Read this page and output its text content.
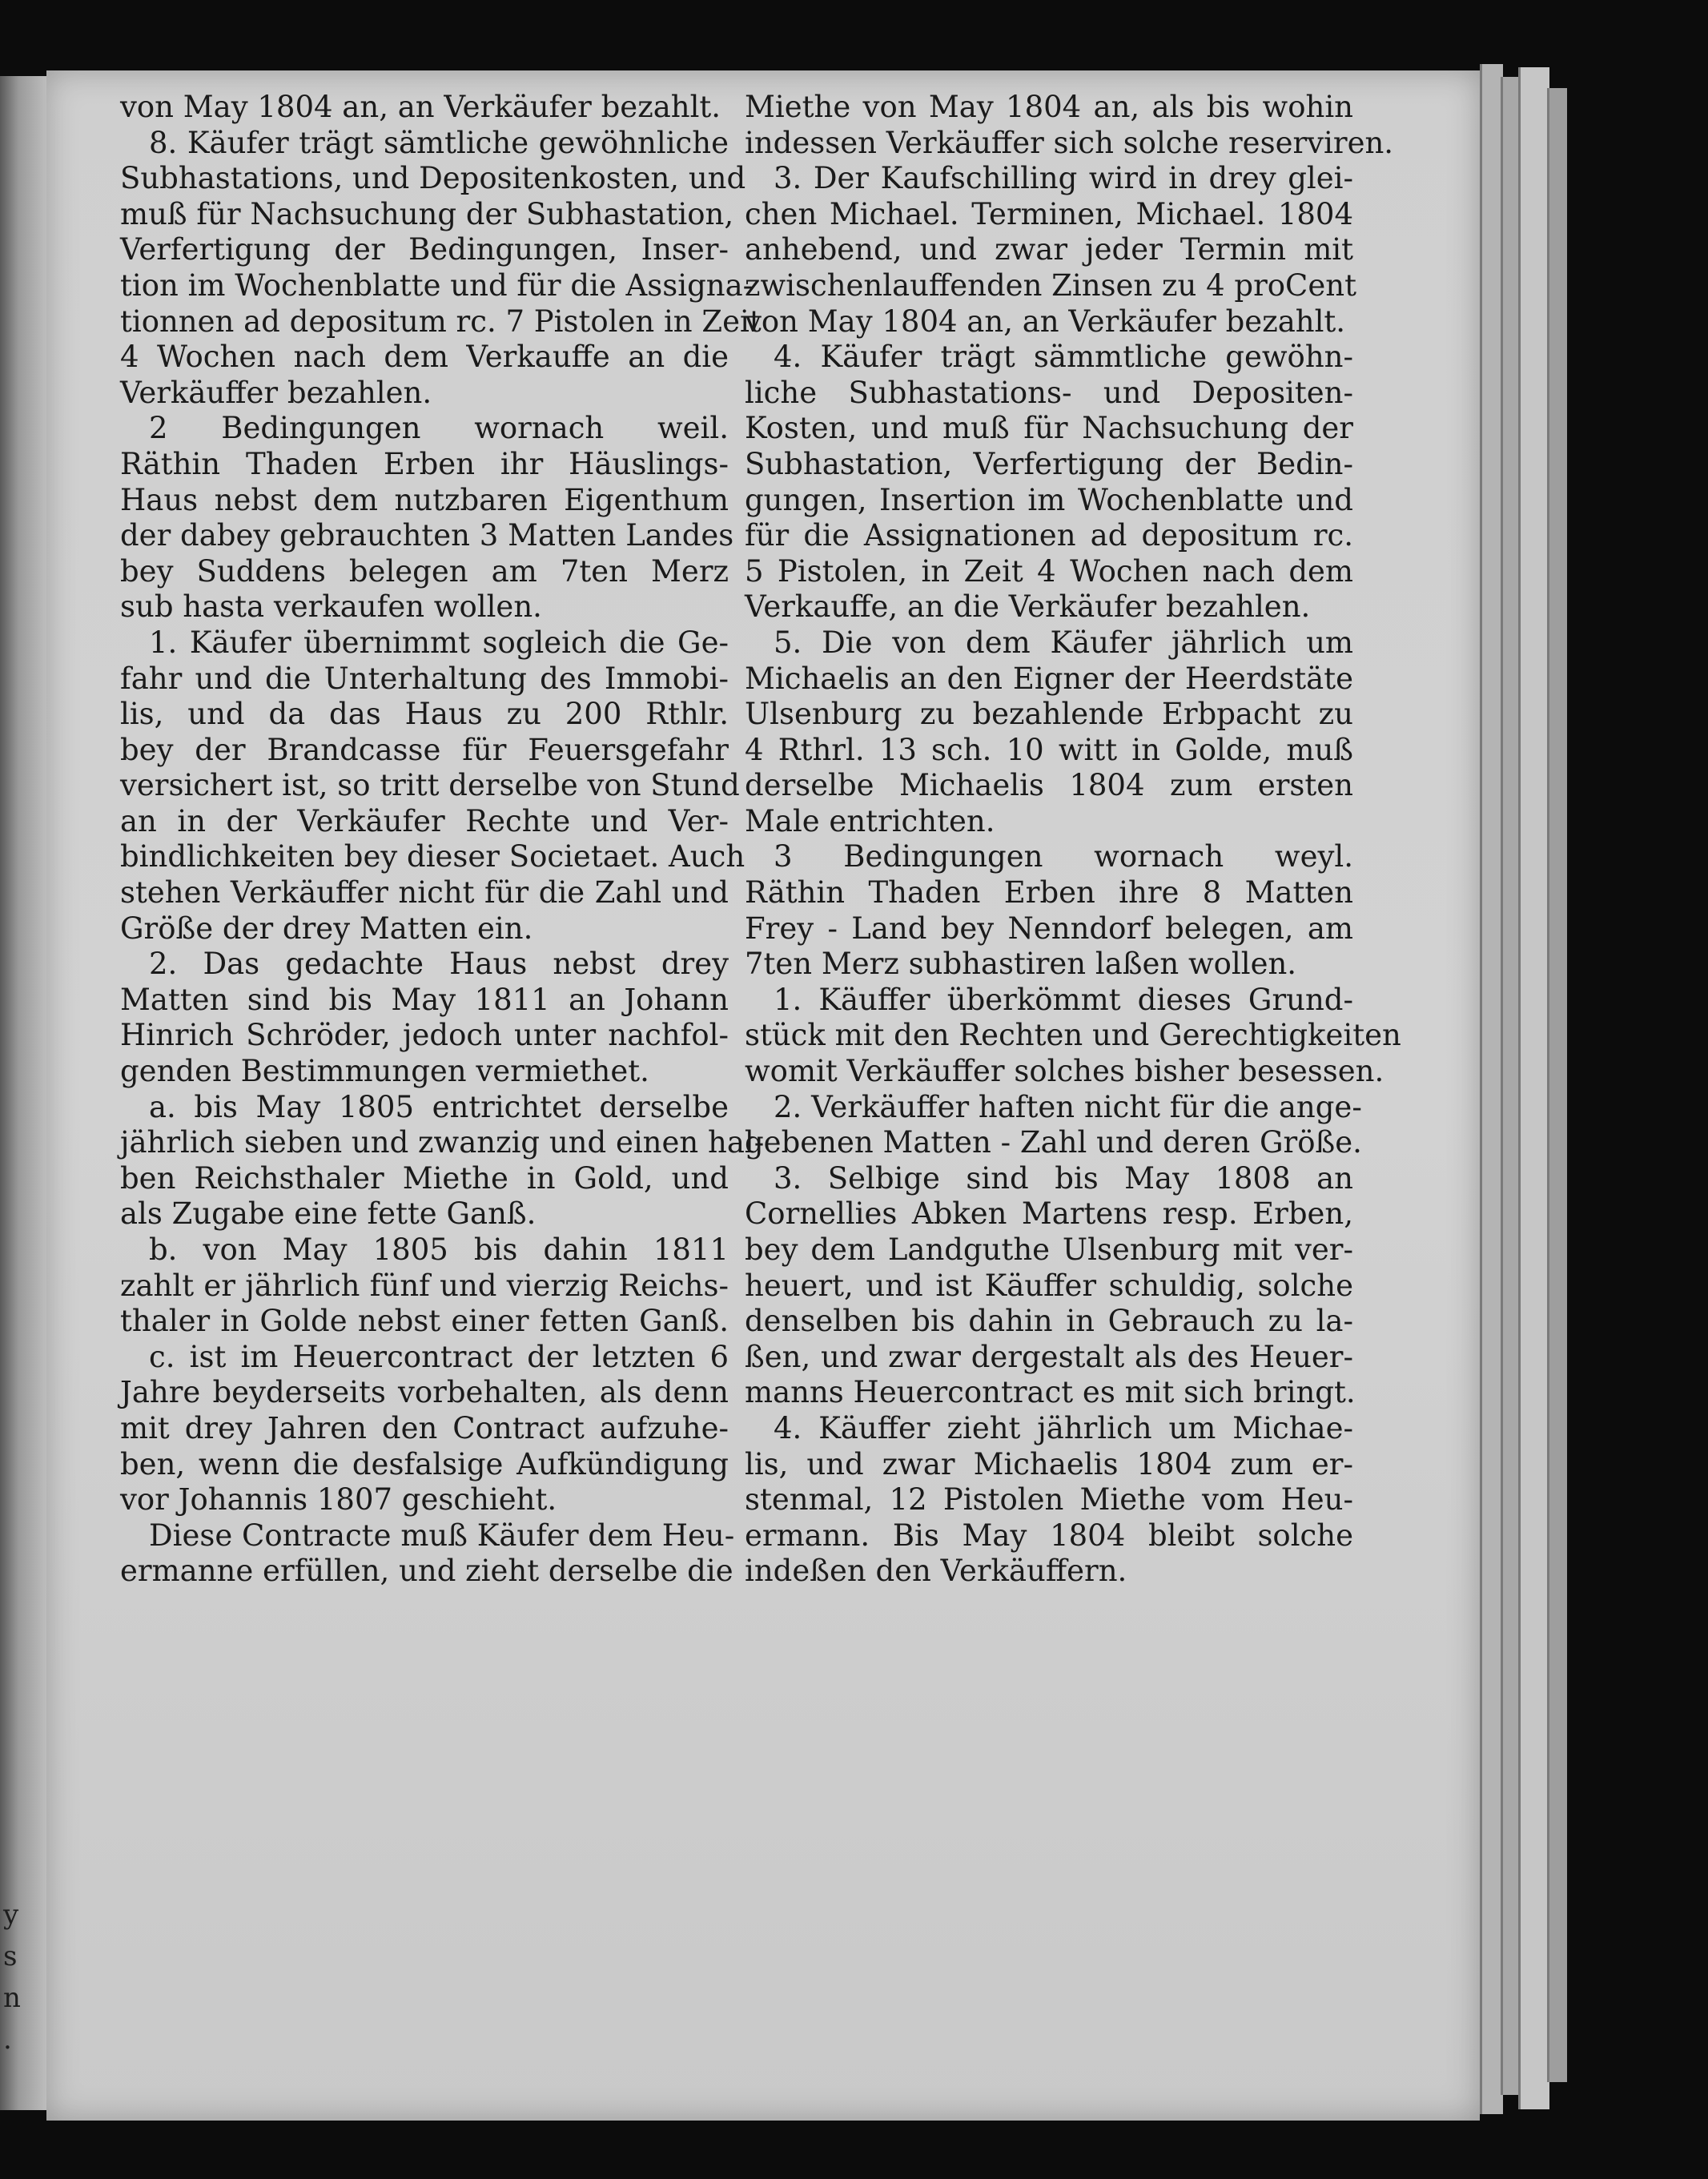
y
s
n
.
von May 1804 an, an Verkäufer bezahlt.
8. Käufer trägt sämtliche gewöhnliche
Subhastations, und Depositenkosten, und
muß für Nachsuchung der Subhastation,
Verfertigung der Bedingungen, Inser-
tion im Wochenblatte und für die Assigna-
tionnen ad depositum rc. 7 Pistolen in Zeit
4 Wochen nach dem Verkauffe an die
Verkäuffer bezahlen.
2 Bedingungen wornach weil.
Räthin Thaden Erben ihr Häuslings-
Haus nebst dem nutzbaren Eigenthum
der dabey gebrauchten 3 Matten Landes
bey Suddens belegen am 7ten Merz
sub hasta verkaufen wollen.
1. Käufer übernimmt sogleich die Ge-
fahr und die Unterhaltung des Immobi-
lis, und da das Haus zu 200 Rthlr.
bey der Brandcasse für Feuersgefahr
versichert ist, so tritt derselbe von Stund
an in der Verkäufer Rechte und Ver-
bindlichkeiten bey dieser Societaet. Auch
stehen Verkäuffer nicht für die Zahl und
Größe der drey Matten ein.
2. Das gedachte Haus nebst drey
Matten sind bis May 1811 an Johann
Hinrich Schröder, jedoch unter nachfol-
genden Bestimmungen vermiethet.
a. bis May 1805 entrichtet derselbe
jährlich sieben und zwanzig und einen hal-
ben Reichsthaler Miethe in Gold, und
als Zugabe eine fette Ganß.
b. von May 1805 bis dahin 1811
zahlt er jährlich fünf und vierzig Reichs-
thaler in Golde nebst einer fetten Ganß.
c. ist im Heuercontract der letzten 6
Jahre beyderseits vorbehalten, als denn
mit drey Jahren den Contract aufzuhe-
ben, wenn die desfalsige Aufkündigung
vor Johannis 1807 geschieht.
Diese Contracte muß Käufer dem Heu-
ermanne erfüllen, und zieht derselbe die
Miethe von May 1804 an, als bis wohin
indessen Verkäuffer sich solche reserviren.
3. Der Kaufschilling wird in drey glei-
chen Michael. Terminen, Michael. 1804
anhebend, und zwar jeder Termin mit
zwischenlauffenden Zinsen zu 4 proCent
von May 1804 an, an Verkäufer bezahlt.
4. Käufer trägt sämmtliche gewöhn-
liche Subhastations- und Depositen-
Kosten, und muß für Nachsuchung der
Subhastation, Verfertigung der Bedin-
gungen, Insertion im Wochenblatte und
für die Assignationen ad depositum rc.
5 Pistolen, in Zeit 4 Wochen nach dem
Verkauffe, an die Verkäufer bezahlen.
5. Die von dem Käufer jährlich um
Michaelis an den Eigner der Heerdstäte
Ulsenburg zu bezahlende Erbpacht zu
4 Rthrl. 13 sch. 10 witt in Golde, muß
derselbe Michaelis 1804 zum ersten
Male entrichten.
3 Bedingungen wornach weyl.
Räthin Thaden Erben ihre 8 Matten
Frey - Land bey Nenndorf belegen, am
7ten Merz subhastiren laßen wollen.
1. Käuffer überkömmt dieses Grund-
stück mit den Rechten und Gerechtigkeiten
womit Verkäuffer solches bisher besessen.
2. Verkäuffer haften nicht für die ange-
gebenen Matten - Zahl und deren Größe.
3. Selbige sind bis May 1808 an
Cornellies Abken Martens resp. Erben,
bey dem Landguthe Ulsenburg mit ver-
heuert, und ist Käuffer schuldig, solche
denselben bis dahin in Gebrauch zu la-
ßen, und zwar dergestalt als des Heuer-
manns Heuercontract es mit sich bringt.
4. Käuffer zieht jährlich um Michae-
lis, und zwar Michaelis 1804 zum er-
stenmal, 12 Pistolen Miethe vom Heu-
ermann. Bis May 1804 bleibt solche
indeßen den Verkäuffern.
